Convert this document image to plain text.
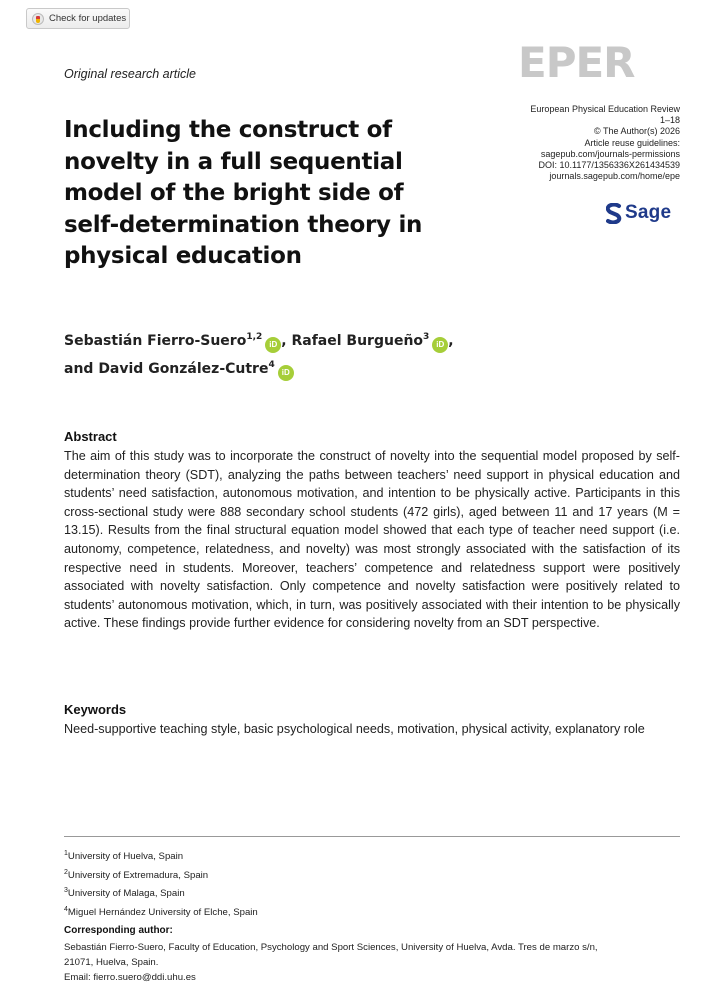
Check for updates
Original research article	EPER
European Physical Education Review
1–18
© The Author(s) 2026
Article reuse guidelines:
sagepub.com/journals-permissions
DOI: 10.1177/1356336X261434539
journals.sagepub.com/home/epe
Sage
Including the construct of novelty in a full sequential model of the bright side of self-determination theory in physical education
Sebastián Fierro-Suero$^{1,2}$iD , Rafael Burgueño$^3$iD ,
and David González-Cutre$^4$iD
Abstract

The aim of this study was to incorporate the construct of novelty into the sequential model proposed by self-determination theory (SDT), analyzing the paths between teachers’ need support in physical education and students’ need satisfaction, autonomous motivation, and intention to be physically active. Participants in this cross-sectional study were 888 secondary school students (472 girls), aged between 11 and 17 years (M = 13.15). Results from the final structural equation model showed that each type of teacher need support (i.e. autonomy, competence, relatedness, and novelty) was most strongly associated with the satisfaction of its respective need in students. Moreover, teachers’ competence and relatedness support were positively associated with novelty satisfaction. Only competence and novelty satisfaction were positively related to students’ autonomous motivation, which, in turn, was positively associated with their intention to be physically active. These findings provide further evidence for considering novelty from an SDT perspective.

Keywords

Need-supportive teaching style, basic psychological needs, motivation, physical activity, explanatory role

$^1$University of Huelva, Spain
$^2$University of Extremadura, Spain
$^3$University of Malaga, Spain
$^4$Miguel Hernández University of Elche, Spain
Corresponding author:
Sebastián Fierro-Suero, Faculty of Education, Psychology and Sport Sciences, University of Huelva, Avda. Tres de marzo s/n,
21071, Huelva, Spain.
Email: fierro.suero@ddi.uhu.es
